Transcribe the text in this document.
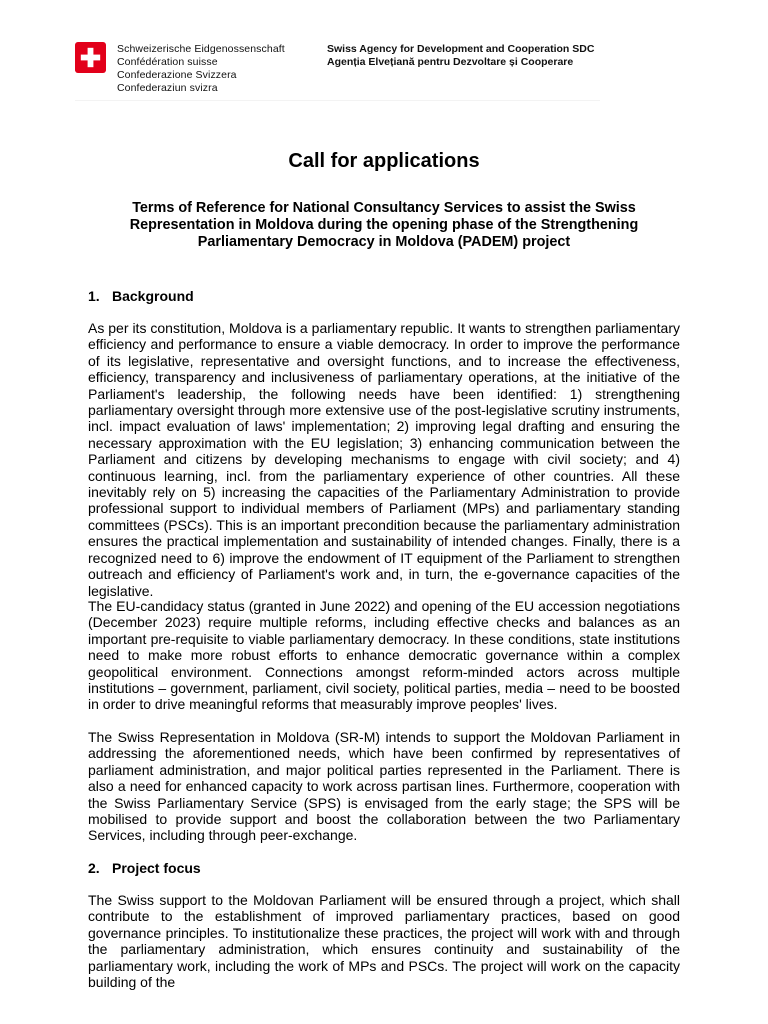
Schweizerische Eidgenossenschaft
Confédération suisse
Confederazione Svizzera
Confederaziun svizra
Swiss Agency for Development and Cooperation SDC
Agenția Elvețiană pentru Dezvoltare și Cooperare
Call for applications
Terms of Reference for National Consultancy Services to assist the Swiss Representation in Moldova during the opening phase of the Strengthening Parliamentary Democracy in Moldova (PADEM) project
1. Background
As per its constitution, Moldova is a parliamentary republic. It wants to strengthen parliamentary efficiency and performance to ensure a viable democracy. In order to improve the performance of its legislative, representative and oversight functions, and to increase the effectiveness, efficiency, transparency and inclusiveness of parliamentary operations, at the initiative of the Parliament's leadership, the following needs have been identified: 1) strengthening parliamentary oversight through more extensive use of the post-legislative scrutiny instruments, incl. impact evaluation of laws' implementation; 2) improving legal drafting and ensuring the necessary approximation with the EU legislation; 3) enhancing communication between the Parliament and citizens by developing mechanisms to engage with civil society; and 4) continuous learning, incl. from the parliamentary experience of other countries. All these inevitably rely on 5) increasing the capacities of the Parliamentary Administration to provide professional support to individual members of Parliament (MPs) and parliamentary standing committees (PSCs). This is an important precondition because the parliamentary administration ensures the practical implementation and sustainability of intended changes. Finally, there is a recognized need to 6) improve the endowment of IT equipment of the Parliament to strengthen outreach and efficiency of Parliament's work and, in turn, the e-governance capacities of the legislative.
The EU-candidacy status (granted in June 2022) and opening of the EU accession negotiations (December 2023) require multiple reforms, including effective checks and balances as an important pre-requisite to viable parliamentary democracy. In these conditions, state institutions need to make more robust efforts to enhance democratic governance within a complex geopolitical environment. Connections amongst reform-minded actors across multiple institutions – government, parliament, civil society, political parties, media – need to be boosted in order to drive meaningful reforms that measurably improve peoples' lives.
The Swiss Representation in Moldova (SR-M) intends to support the Moldovan Parliament in addressing the aforementioned needs, which have been confirmed by representatives of parliament administration, and major political parties represented in the Parliament. There is also a need for enhanced capacity to work across partisan lines. Furthermore, cooperation with the Swiss Parliamentary Service (SPS) is envisaged from the early stage; the SPS will be mobilised to provide support and boost the collaboration between the two Parliamentary Services, including through peer-exchange.
2. Project focus
The Swiss support to the Moldovan Parliament will be ensured through a project, which shall contribute to the establishment of improved parliamentary practices, based on good governance principles. To institutionalize these practices, the project will work with and through the parliamentary administration, which ensures continuity and sustainability of the parliamentary work, including the work of MPs and PSCs. The project will work on the capacity building of the
